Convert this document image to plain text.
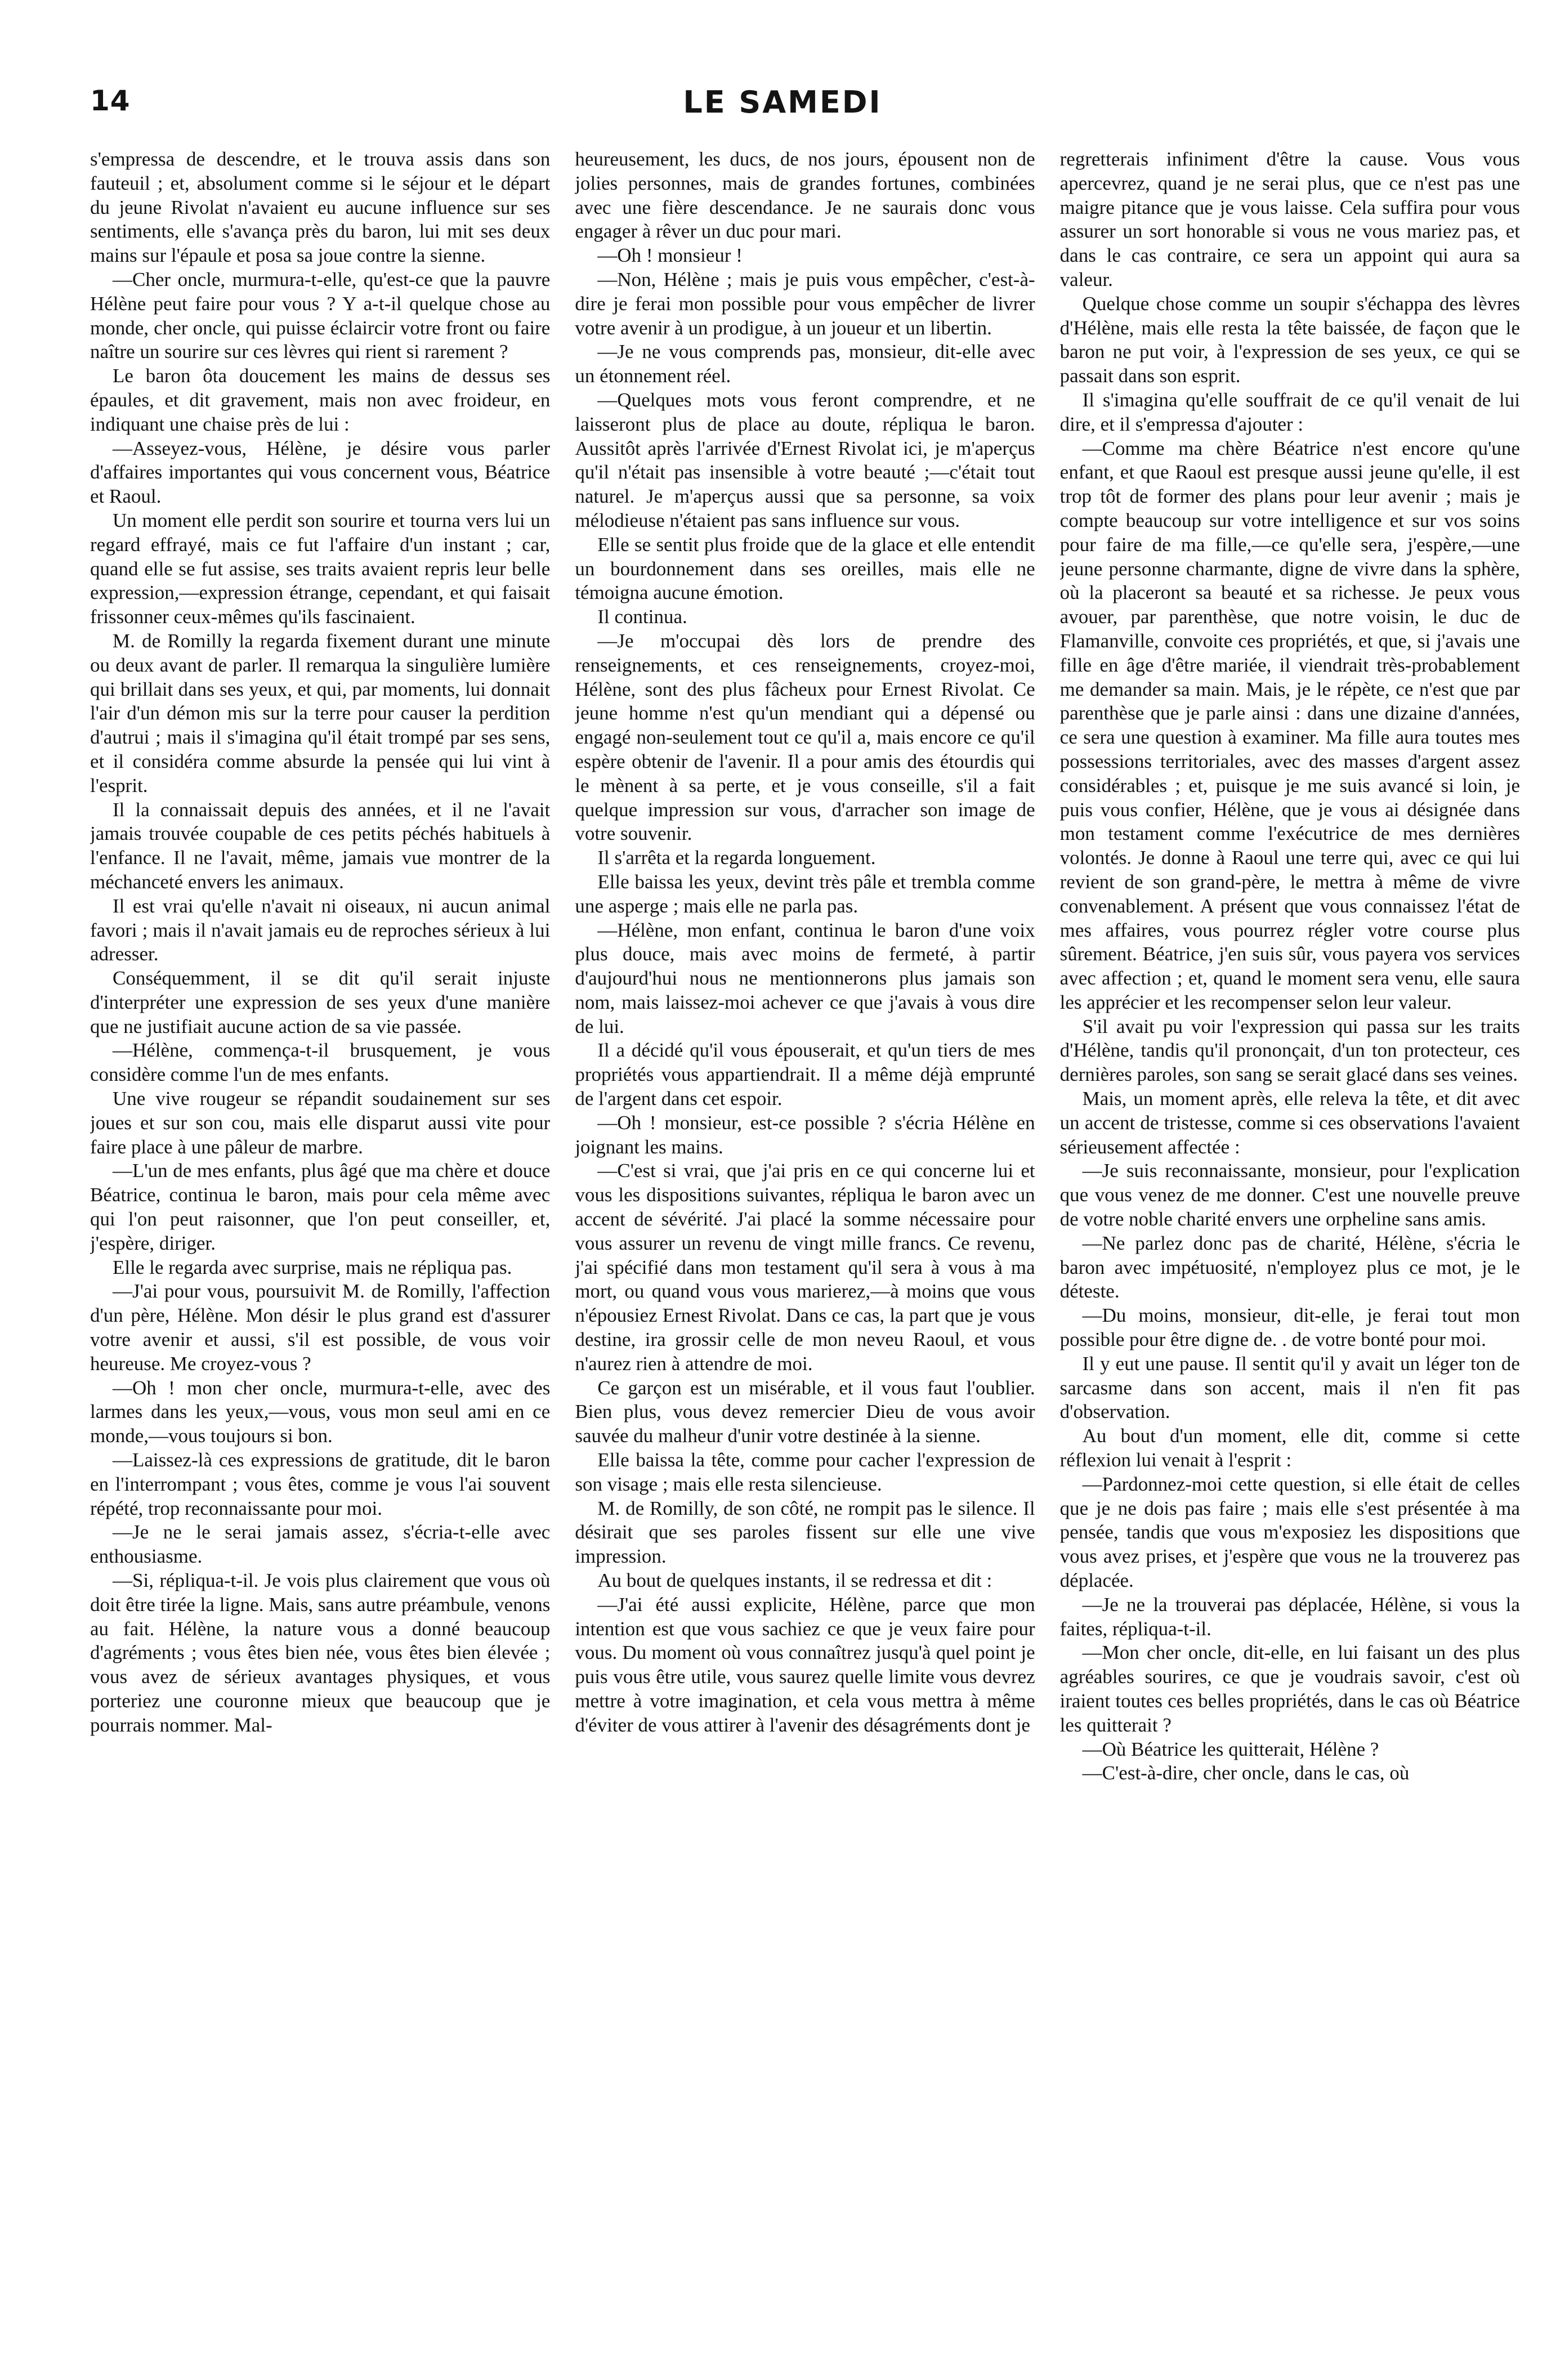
14	LE SAMEDI

s'empressa de descendre, et le trouva assis dans son fauteuil ; et, absolument comme si le séjour et le départ du jeune Rivolat n'avaient eu aucune influence sur ses sentiments, elle s'avança près du baron, lui mit ses deux mains sur l'épaule et posa sa joue contre la sienne.

—Cher oncle, murmura-t-elle, qu'est-ce que la pauvre Hélène peut faire pour vous ? Y a-t-il quelque chose au monde, cher oncle, qui puisse éclaircir votre front ou faire naître un sourire sur ces lèvres qui rient si rarement ?

Le baron ôta doucement les mains de dessus ses épaules, et dit gravement, mais non avec froideur, en indiquant une chaise près de lui :

—Asseyez-vous, Hélène, je désire vous parler d'affaires importantes qui vous concernent vous, Béatrice et Raoul.

Un moment elle perdit son sourire et tourna vers lui un regard effrayé, mais ce fut l'affaire d'un instant ; car, quand elle se fut assise, ses traits avaient repris leur belle expression,—expression étrange, cependant, et qui faisait frissonner ceux-mêmes qu'ils fascinaient.

M. de Romilly la regarda fixement durant une minute ou deux avant de parler. Il remarqua la singulière lumière qui brillait dans ses yeux, et qui, par moments, lui donnait l'air d'un démon mis sur la terre pour causer la perdition d'autrui ; mais il s'imagina qu'il était trompé par ses sens, et il considéra comme absurde la pensée qui lui vint à l'esprit.

Il la connaissait depuis des années, et il ne l'avait jamais trouvée coupable de ces petits péchés habituels à l'enfance. Il ne l'avait, même, jamais vue montrer de la méchanceté envers les animaux.

Il est vrai qu'elle n'avait ni oiseaux, ni aucun animal favori ; mais il n'avait jamais eu de reproches sérieux à lui adresser.

Conséquemment, il se dit qu'il serait injuste d'interpréter une expression de ses yeux d'une manière que ne justifiait aucune action de sa vie passée.

—Hélène, commença-t-il brusquement, je vous considère comme l'un de mes enfants.

Une vive rougeur se répandit soudainement sur ses joues et sur son cou, mais elle disparut aussi vite pour faire place à une pâleur de marbre.

—L'un de mes enfants, plus âgé que ma chère et douce Béatrice, continua le baron, mais pour cela même avec qui l'on peut raisonner, que l'on peut conseiller, et, j'espère, diriger.

Elle le regarda avec surprise, mais ne répliqua pas.

—J'ai pour vous, poursuivit M. de Romilly, l'affection d'un père, Hélène. Mon désir le plus grand est d'assurer votre avenir et aussi, s'il est possible, de vous voir heureuse. Me croyez-vous ?

—Oh ! mon cher oncle, murmura-t-elle, avec des larmes dans les yeux,—vous, vous mon seul ami en ce monde,—vous toujours si bon.

—Laissez-là ces expressions de gratitude, dit le baron en l'interrompant ; vous êtes, comme je vous l'ai souvent répété, trop reconnaissante pour moi.

—Je ne le serai jamais assez, s'écria-t-elle avec enthousiasme.

—Si, répliqua-t-il. Je vois plus clairement que vous où doit être tirée la ligne. Mais, sans autre préambule, venons au fait. Hélène, la nature vous a donné beaucoup d'agréments ; vous êtes bien née, vous êtes bien élevée ; vous avez de sérieux avantages physiques, et vous porteriez une couronne mieux que beaucoup que je pourrais nommer. Mal-

heureusement, les ducs, de nos jours, épousent non de jolies personnes, mais de grandes fortunes, combinées avec une fière descendance. Je ne saurais donc vous engager à rêver un duc pour mari.

—Oh ! monsieur !

—Non, Hélène ; mais je puis vous empêcher, c'est-à-dire je ferai mon possible pour vous empêcher de livrer votre avenir à un prodigue, à un joueur et un libertin.

—Je ne vous comprends pas, monsieur, dit-elle avec un étonnement réel.

—Quelques mots vous feront comprendre, et ne laisseront plus de place au doute, répliqua le baron. Aussitôt après l'arrivée d'Ernest Rivolat ici, je m'aperçus qu'il n'était pas insensible à votre beauté ;—c'était tout naturel. Je m'aperçus aussi que sa personne, sa voix mélodieuse n'étaient pas sans influence sur vous.

Elle se sentit plus froide que de la glace et elle entendit un bourdonnement dans ses oreilles, mais elle ne témoigna aucune émotion.

Il continua.

—Je m'occupai dès lors de prendre des renseignements, et ces renseignements, croyez-moi, Hélène, sont des plus fâcheux pour Ernest Rivolat. Ce jeune homme n'est qu'un mendiant qui a dépensé ou engagé non-seulement tout ce qu'il a, mais encore ce qu'il espère obtenir de l'avenir. Il a pour amis des étourdis qui le mènent à sa perte, et je vous conseille, s'il a fait quelque impression sur vous, d'arracher son image de votre souvenir.

Il s'arrêta et la regarda longuement.

Elle baissa les yeux, devint très pâle et trembla comme une asperge ; mais elle ne parla pas.

—Hélène, mon enfant, continua le baron d'une voix plus douce, mais avec moins de fermeté, à partir d'aujourd'hui nous ne mentionnerons plus jamais son nom, mais laissez-moi achever ce que j'avais à vous dire de lui.

Il a décidé qu'il vous épouserait, et qu'un tiers de mes propriétés vous appartiendrait. Il a même déjà emprunté de l'argent dans cet espoir.

—Oh ! monsieur, est-ce possible ? s'écria Hélène en joignant les mains.

—C'est si vrai, que j'ai pris en ce qui concerne lui et vous les dispositions suivantes, répliqua le baron avec un accent de sévérité. J'ai placé la somme nécessaire pour vous assurer un revenu de vingt mille francs. Ce revenu, j'ai spécifié dans mon testament qu'il sera à vous à ma mort, ou quand vous vous marierez,—à moins que vous n'épousiez Ernest Rivolat. Dans ce cas, la part que je vous destine, ira grossir celle de mon neveu Raoul, et vous n'aurez rien à attendre de moi.

Ce garçon est un misérable, et il vous faut l'oublier. Bien plus, vous devez remercier Dieu de vous avoir sauvée du malheur d'unir votre destinée à la sienne.

Elle baissa la tête, comme pour cacher l'expression de son visage ; mais elle resta silencieuse.

M. de Romilly, de son côté, ne rompit pas le silence. Il désirait que ses paroles fissent sur elle une vive impression.

Au bout de quelques instants, il se redressa et dit :

—J'ai été aussi explicite, Hélène, parce que mon intention est que vous sachiez ce que je veux faire pour vous. Du moment où vous connaîtrez jusqu'à quel point je puis vous être utile, vous saurez quelle limite vous devrez mettre à votre imagination, et cela vous mettra à même d'éviter de vous attirer à l'avenir des désagréments dont je

regretterais infiniment d'être la cause. Vous vous apercevrez, quand je ne serai plus, que ce n'est pas une maigre pitance que je vous laisse. Cela suffira pour vous assurer un sort honorable si vous ne vous mariez pas, et dans le cas contraire, ce sera un appoint qui aura sa valeur.

Quelque chose comme un soupir s'échappa des lèvres d'Hélène, mais elle resta la tête baissée, de façon que le baron ne put voir, à l'expression de ses yeux, ce qui se passait dans son esprit.

Il s'imagina qu'elle souffrait de ce qu'il venait de lui dire, et il s'empressa d'ajouter :

—Comme ma chère Béatrice n'est encore qu'une enfant, et que Raoul est presque aussi jeune qu'elle, il est trop tôt de former des plans pour leur avenir ; mais je compte beaucoup sur votre intelligence et sur vos soins pour faire de ma fille,—ce qu'elle sera, j'espère,—une jeune personne charmante, digne de vivre dans la sphère, où la placeront sa beauté et sa richesse. Je peux vous avouer, par parenthèse, que notre voisin, le duc de Flamanville, convoite ces propriétés, et que, si j'avais une fille en âge d'être mariée, il viendrait très-probablement me demander sa main. Mais, je le répète, ce n'est que par parenthèse que je parle ainsi : dans une dizaine d'années, ce sera une question à examiner. Ma fille aura toutes mes possessions territoriales, avec des masses d'argent assez considérables ; et, puisque je me suis avancé si loin, je puis vous confier, Hélène, que je vous ai désignée dans mon testament comme l'exécutrice de mes dernières volontés. Je donne à Raoul une terre qui, avec ce qui lui revient de son grand-père, le mettra à même de vivre convenablement. A présent que vous connaissez l'état de mes affaires, vous pourrez régler votre course plus sûrement. Béatrice, j'en suis sûr, vous payera vos services avec affection ; et, quand le moment sera venu, elle saura les apprécier et les recompenser selon leur valeur.

S'il avait pu voir l'expression qui passa sur les traits d'Hélène, tandis qu'il prononçait, d'un ton protecteur, ces dernières paroles, son sang se serait glacé dans ses veines.

Mais, un moment après, elle releva la tête, et dit avec un accent de tristesse, comme si ces observations l'avaient sérieusement affectée :

—Je suis reconnaissante, monsieur, pour l'explication que vous venez de me donner. C'est une nouvelle preuve de votre noble charité envers une orpheline sans amis.

—Ne parlez donc pas de charité, Hélène, s'écria le baron avec impétuosité, n'employez plus ce mot, je le déteste.

—Du moins, monsieur, dit-elle, je ferai tout mon possible pour être digne de. . de votre bonté pour moi.

Il y eut une pause. Il sentit qu'il y avait un léger ton de sarcasme dans son accent, mais il n'en fit pas d'observation.

Au bout d'un moment, elle dit, comme si cette réflexion lui venait à l'esprit :

—Pardonnez-moi cette question, si elle était de celles que je ne dois pas faire ; mais elle s'est présentée à ma pensée, tandis que vous m'exposiez les dispositions que vous avez prises, et j'espère que vous ne la trouverez pas déplacée.

—Je ne la trouverai pas déplacée, Hélène, si vous la faites, répliqua-t-il.

—Mon cher oncle, dit-elle, en lui faisant un des plus agréables sourires, ce que je voudrais savoir, c'est où iraient toutes ces belles propriétés, dans le cas où Béatrice les quitterait ?

—Où Béatrice les quitterait, Hélène ?

—C'est-à-dire, cher oncle, dans le cas, où
